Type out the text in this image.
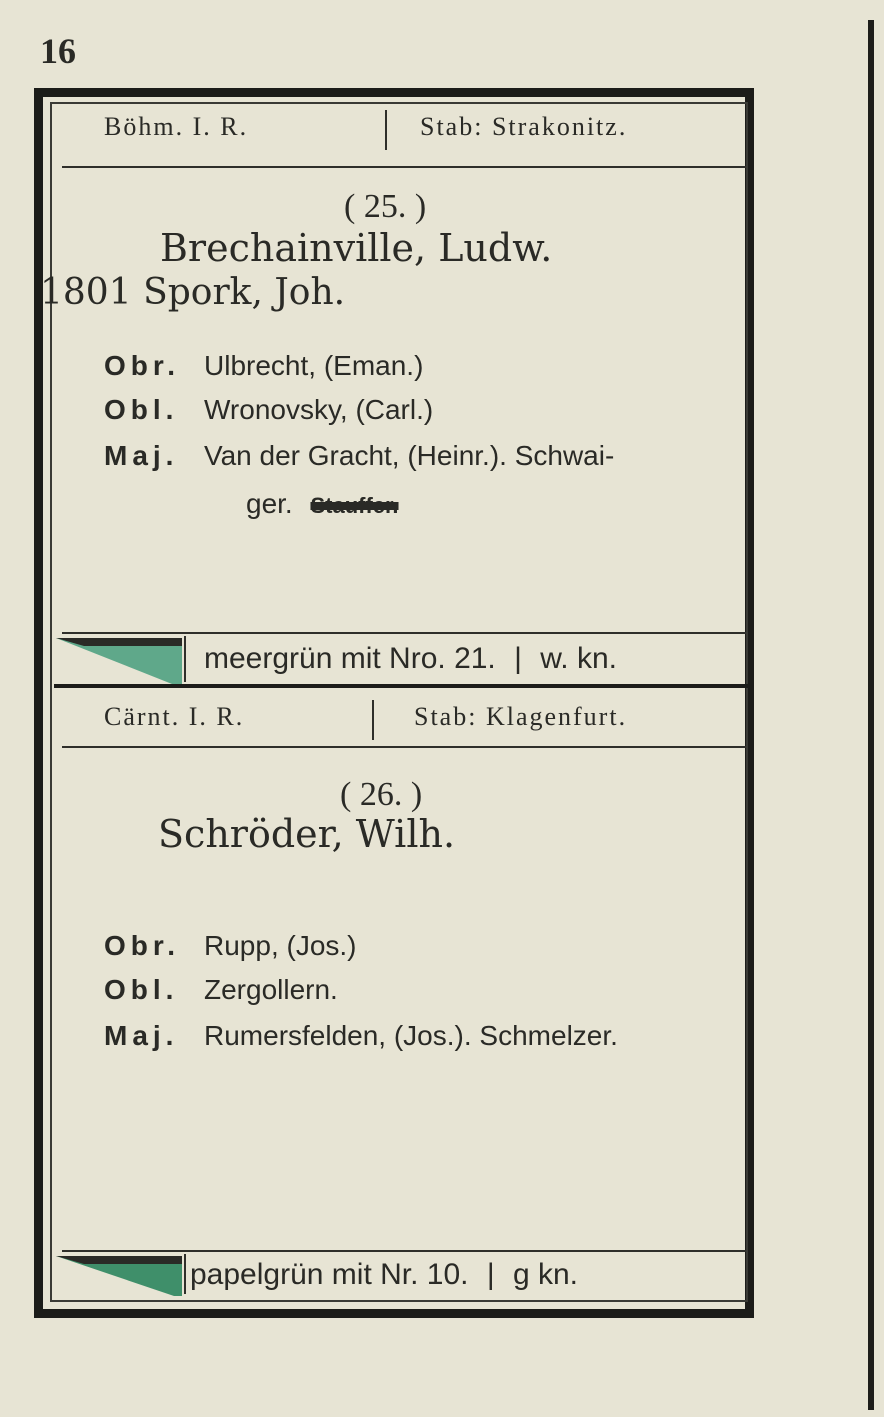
16
Böhm. I. R.	Stab: Strakonitz.
( 25. )
Brechainville, Ludw.
1801 Spork, Joh.
Obr. Ulbrecht, (Eman.)
Obl. Wronovsky, (Carl.)
Maj. Van der Gracht, (Heinr.). Schwai-
ger. Stauffer.
meergrün mit Nro. 21. | w. kn.
Cärnt. I. R.	Stab: Klagenfurt.
( 26. )
Schröder, Wilh.
Obr. Rupp, (Jos.)
Obl. Zergollern.
Maj. Rumersfelden, (Jos.). Schmelzer.
papelgrün mit Nr. 10. | g kn.
